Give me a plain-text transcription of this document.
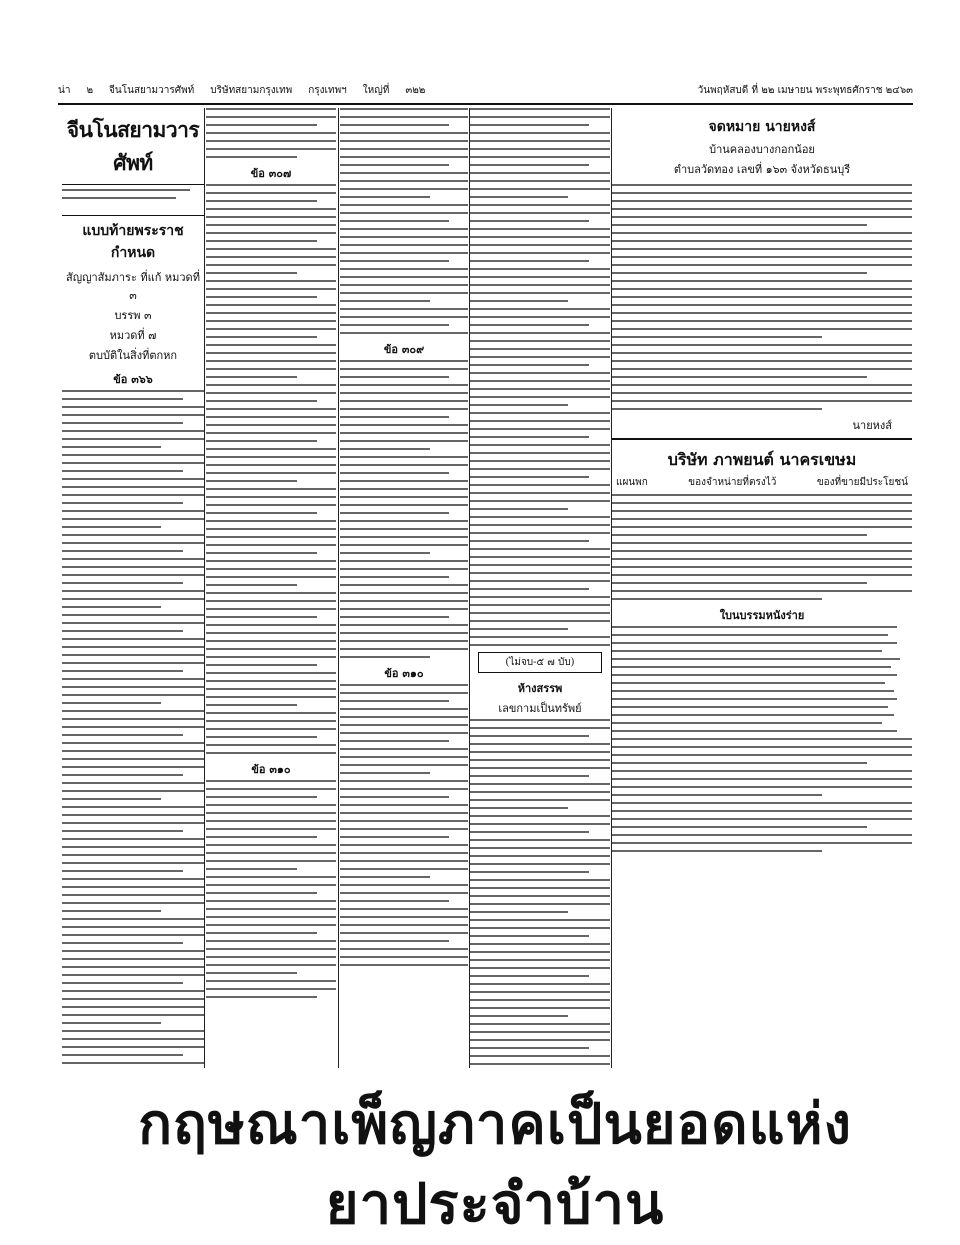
น่า ๒ จีนโนสยามวารศัพท์ บริษัทสยามกรุงเทพ กรุงเทพฯ ใหญ่ที่ ๓๒๒	วันพฤหัสบดี ที่ ๒๒ เมษายน พระพุทธศักราช ๒๔๖๓
จีนโนสยามวารศัพท์
แบบท้ายพระราชกำหนด
สัญญาสัมภาระ ที่แก้ หมวดที่ ๓
บรรพ ๓
หมวดที่ ๗
ตบบัติในสิ่งที่ตกหก
ข้อ ๓๖๖
ข้อ ๓๐๗
ข้อ ๓๑๐
ข้อ ๓๐๙
ข้อ ๓๑๐
(ไม่จบ-๕ ๗ บับ)
ห้างสรรพ
เลขกามเป็นทรัพย์
จดหมาย นายหงส์
บ้านคลองบางกอกน้อย
ตำบลวัดทอง เลขที่ ๑๖๓ จังหวัดธนบุรี
นายหงส์
บริษัท ภาพยนต์ นาครเขษม
แผนพก	ของจำหน่ายที่ตรงไว้	ของที่ขายมีประโยชน์
ใบนบรรมหนังร่าย
กฤษณาเพ็ญภาคเป็นยอดแห่งยาประจำบ้าน
